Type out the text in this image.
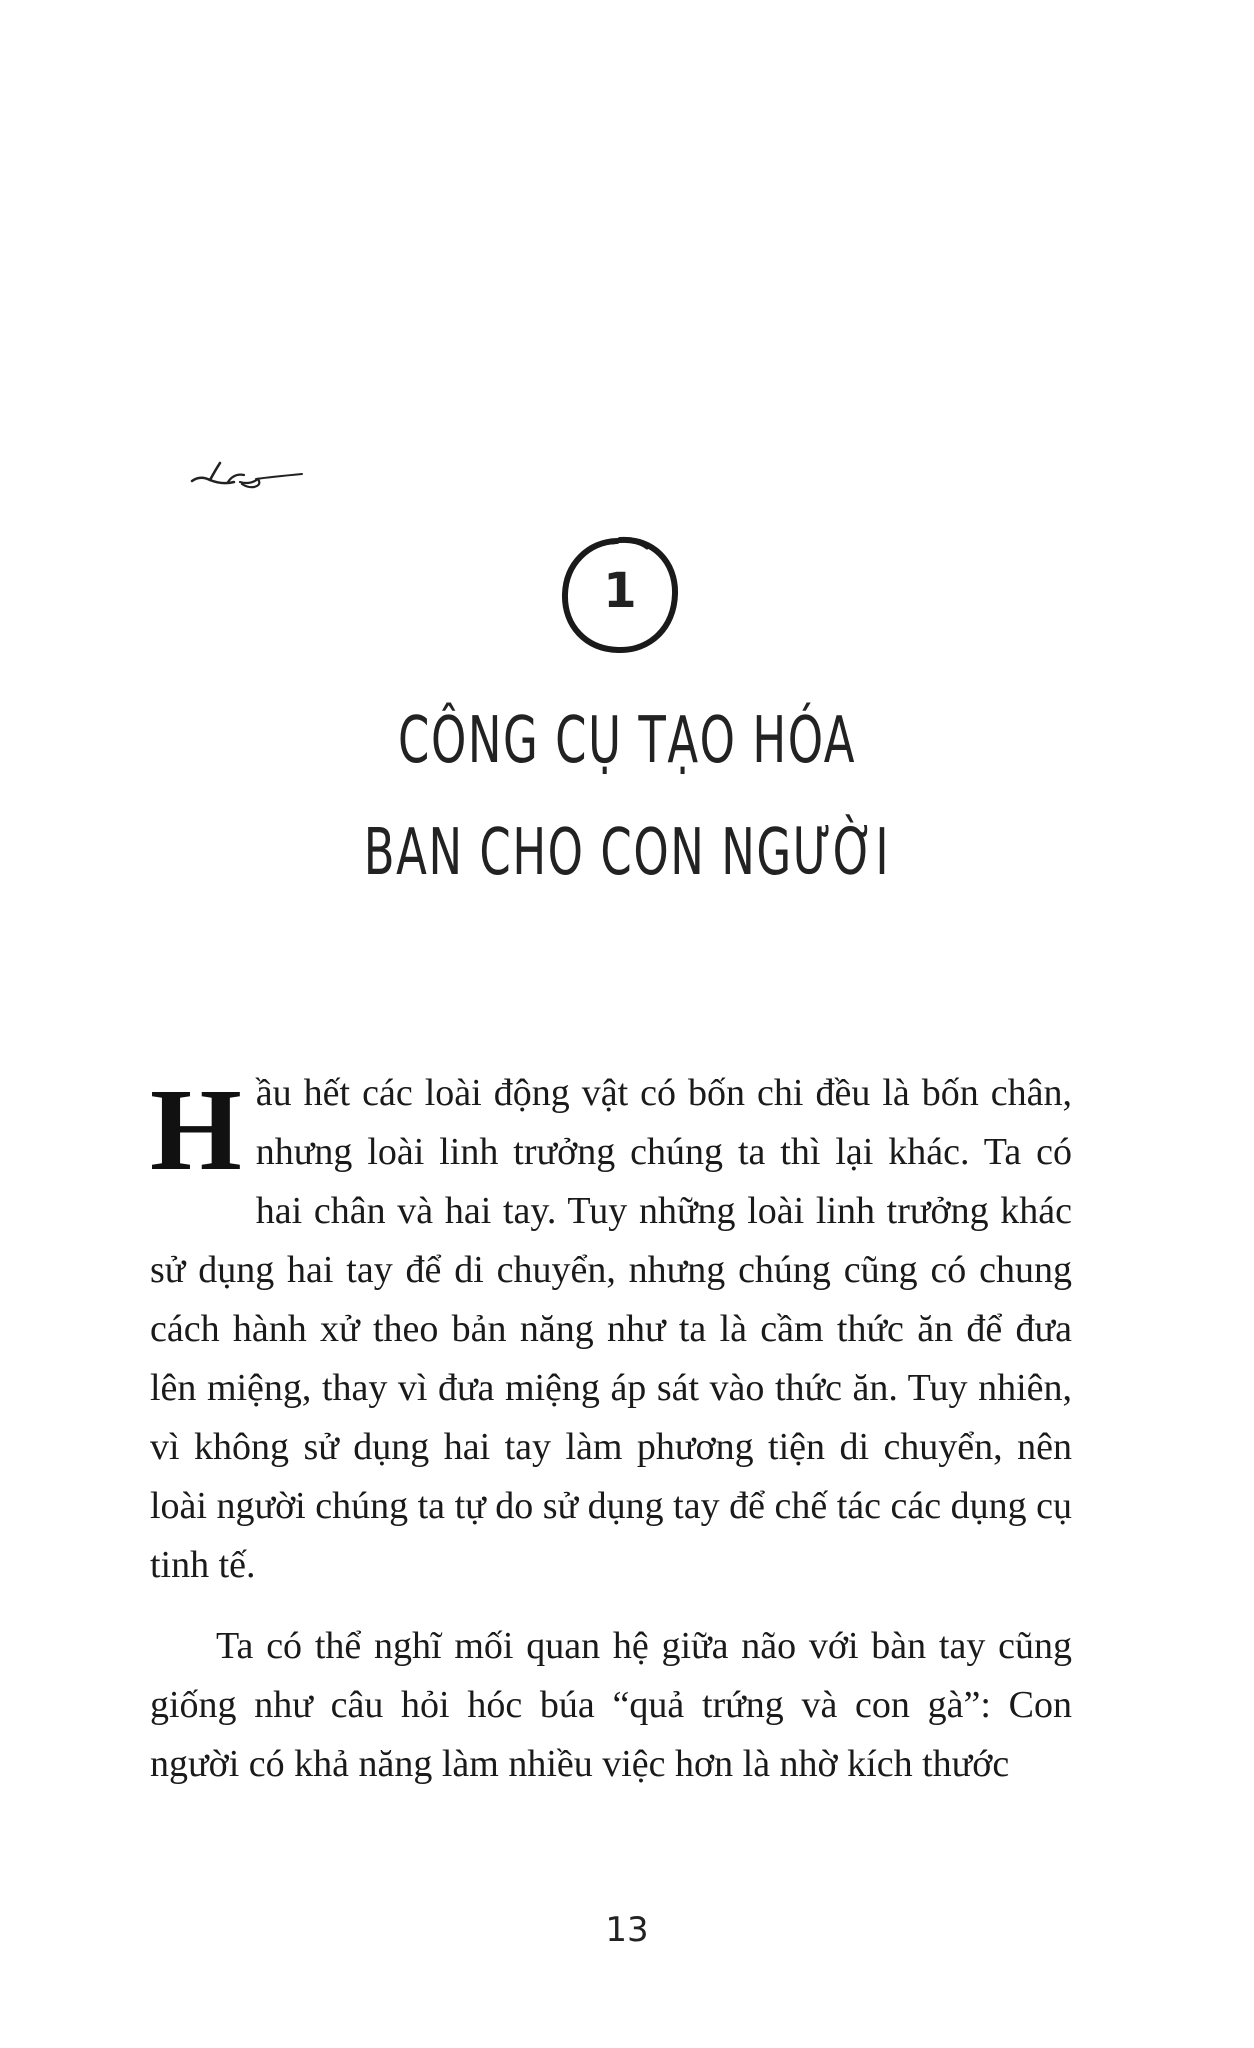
1
CÔNG CỤ TẠO HÓA
BAN CHO CON NGƯỜI

Hầu hết các loài động vật có bốn chi đều là bốn chân, nhưng loài linh trưởng chúng ta thì lại khác. Ta có hai chân và hai tay. Tuy những loài linh trưởng khác sử dụng hai tay để di chuyển, nhưng chúng cũng có chung cách hành xử theo bản năng như ta là cầm thức ăn để đưa lên miệng, thay vì đưa miệng áp sát vào thức ăn. Tuy nhiên, vì không sử dụng hai tay làm phương tiện di chuyển, nên loài người chúng ta tự do sử dụng tay để chế tác các dụng cụ tinh tế.

Ta có thể nghĩ mối quan hệ giữa não với bàn tay cũng giống như câu hỏi hóc búa “quả trứng và con gà”: Con người có khả năng làm nhiều việc hơn là nhờ kích thước

13
